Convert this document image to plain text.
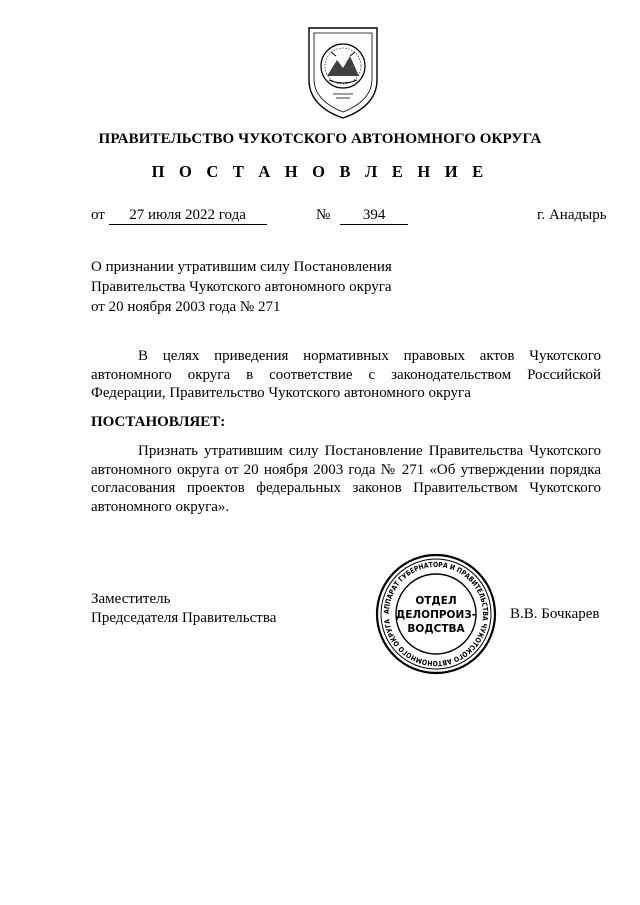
ПРАВИТЕЛЬСТВО ЧУКОТСКОГО АВТОНОМНОГО ОКРУГА
П О С Т А Н О В Л Е Н И Е
от 27 июля 2022 года	№ 394	г. Анадырь
О признании утратившим силу Постановления
Правительства Чукотского автономного округа
от 20 ноября 2003 года № 271
В целях приведения нормативных правовых актов Чукотского автономного округа в соответствие с законодательством Российской Федерации, Правительство Чукотского автономного округа
ПОСТАНОВЛЯЕТ:
Признать утратившим силу Постановление Правительства Чукотского автономного округа от 20 ноября 2003 года № 271 «Об утверждении порядка согласования проектов федеральных законов Правительством Чукотского автономного округа».
Заместитель
Председателя Правительства	В.В. Бочкарев
АППАРАТ ГУБЕРНАТОРА И ПРАВИТЕЛЬСТВА ЧУКОТСКОГО АВТОНОМНОГО ОКРУГА
ОТДЕЛ
ДЕЛОПРОИЗ-
ВОДСТВА
